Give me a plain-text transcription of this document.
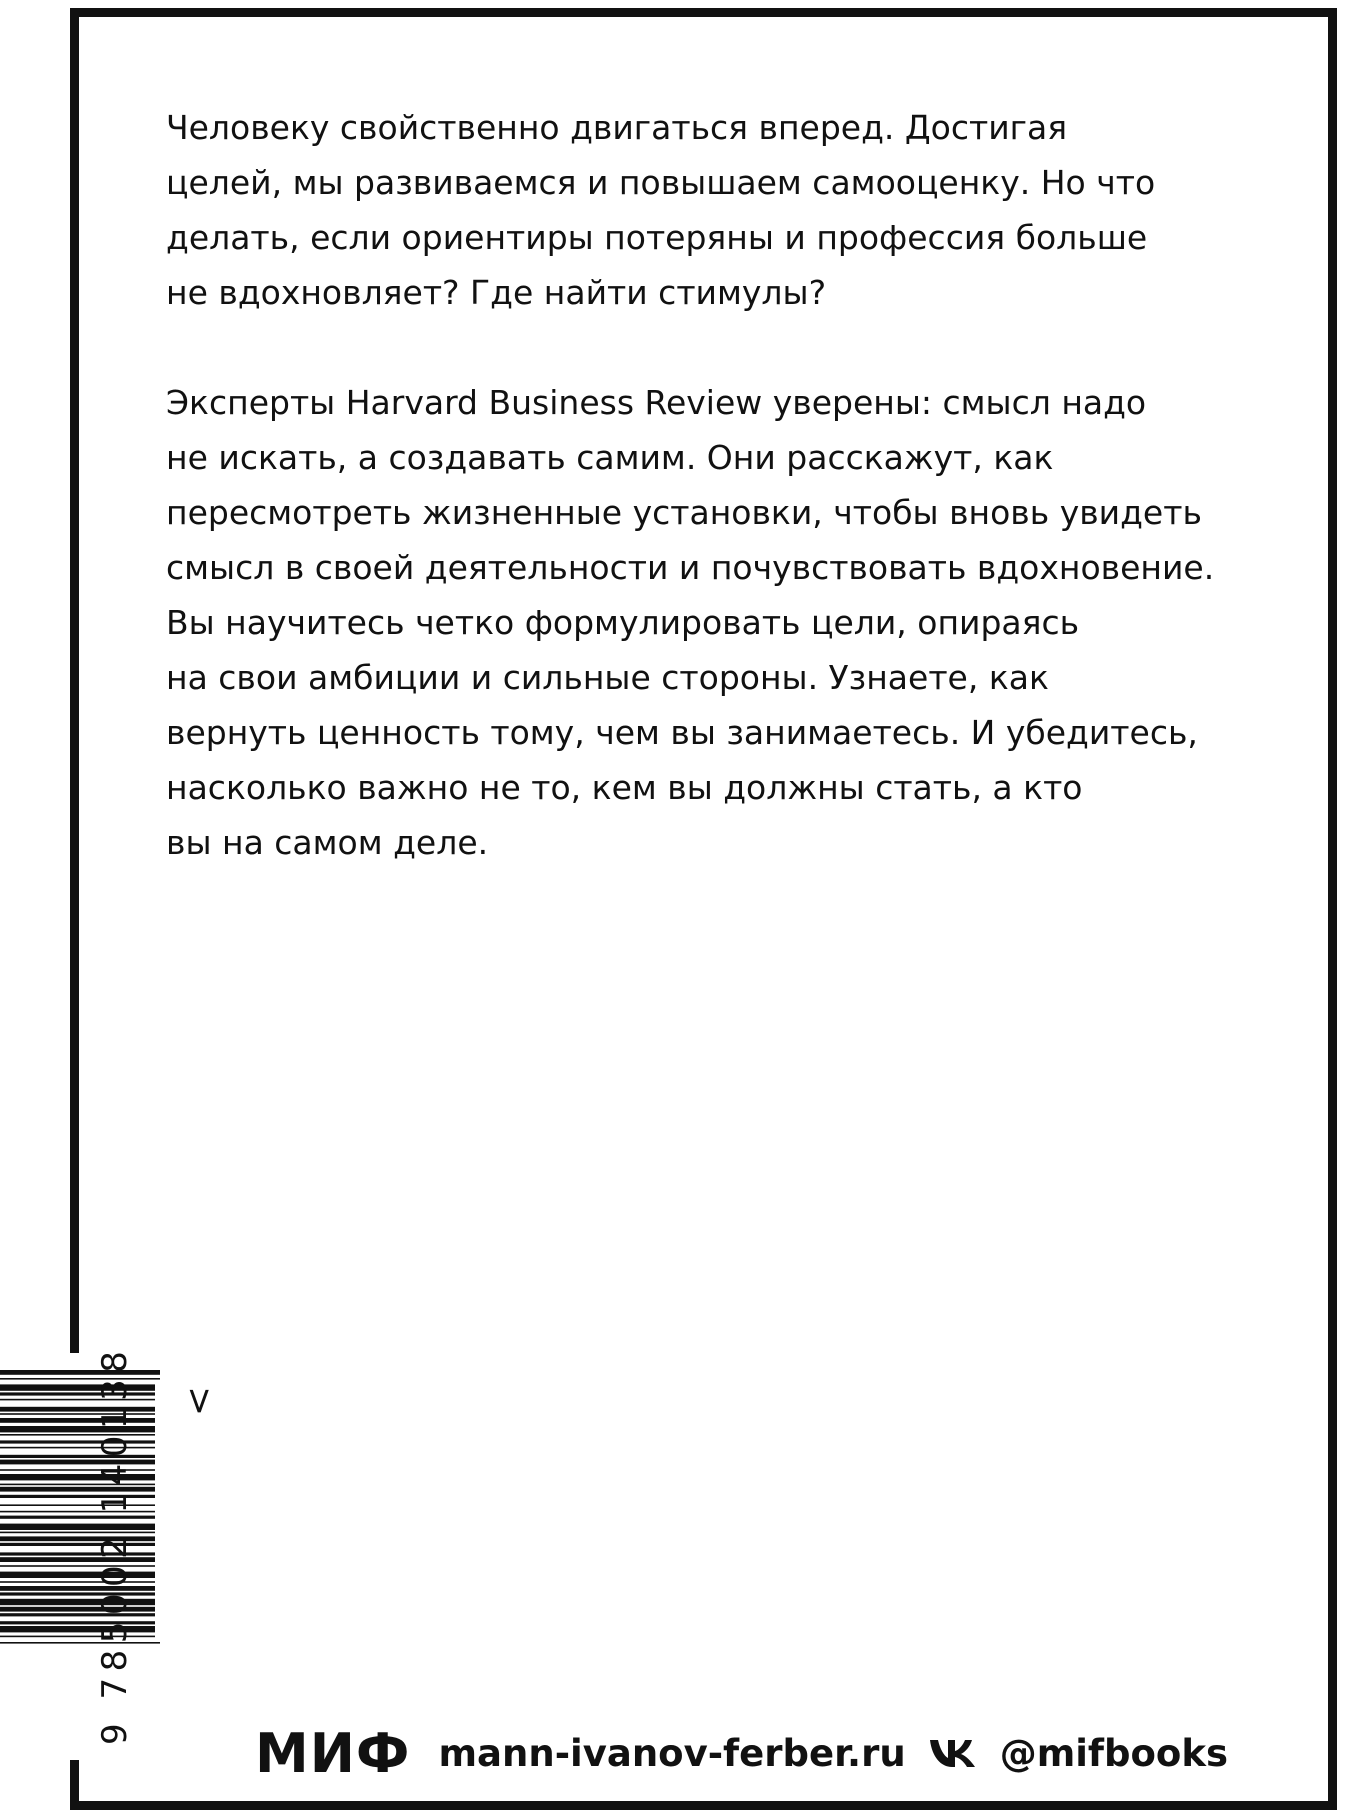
Человеку свойственно двигаться вперед. Достигая
целей, мы развиваемся и повышаем самооценку. Но что
делать, если ориентиры потеряны и профессия больше
не вдохновляет? Где найти стимулы?

Эксперты Harvard Business Review уверены: смысл надо
не искать, а создавать самим. Они расскажут, как
пересмотреть жизненные установки, чтобы вновь увидеть
смысл в своей деятельности и почувствовать вдохновение.
Вы научитесь четко формулировать цели, опираясь
на свои амбиции и сильные стороны. Узнаете, как
вернуть ценность тому, чем вы занимаетесь. И убедитесь,
насколько важно не то, кем вы должны стать, а кто
вы на самом деле.

>
9 785002 140138
МИФ mann-ivanov-ferber.ru	@mifbooks
